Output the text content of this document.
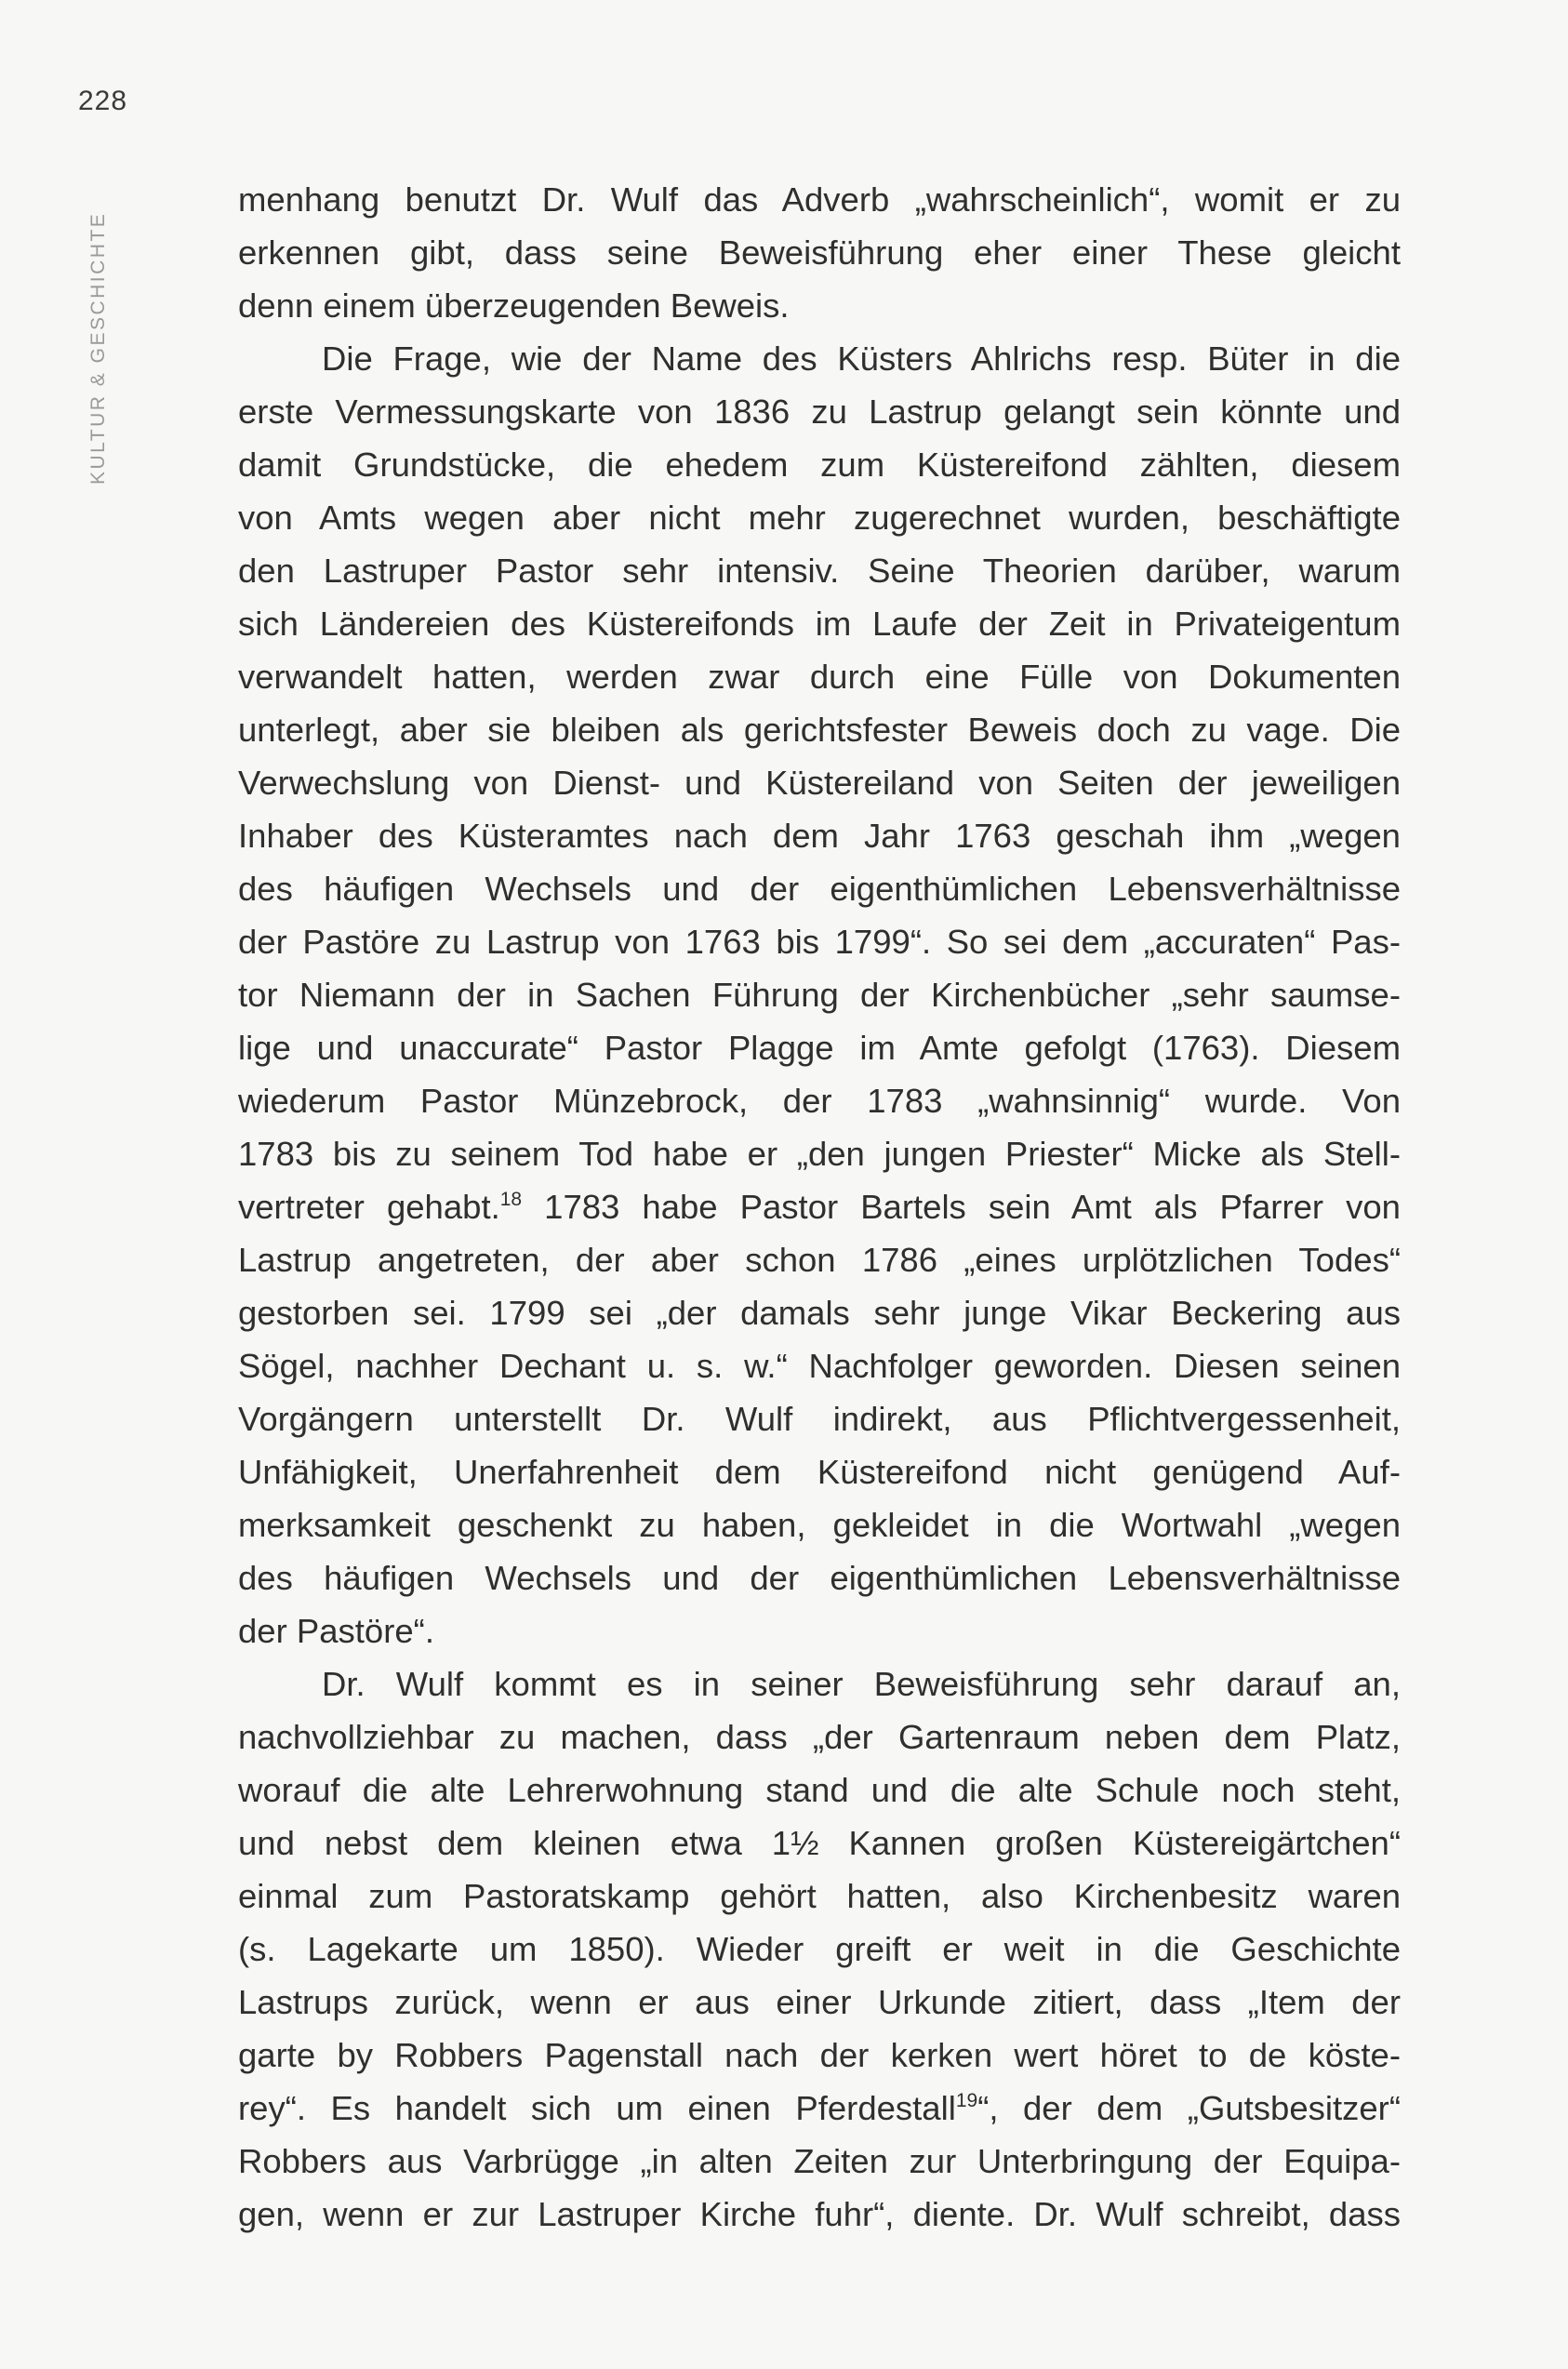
228
KULTUR & GESCHICHTE
menhang benutzt Dr. Wulf das Adverb „wahrscheinlich“, womit er zu
erkennen gibt, dass seine Beweisführung eher einer These gleicht
denn einem überzeugenden Beweis.
Die Frage, wie der Name des Küsters Ahlrichs resp. Büter in die
erste Vermessungskarte von 1836 zu Lastrup gelangt sein könnte und
damit Grundstücke, die ehedem zum Küstereifond zählten, diesem
von Amts wegen aber nicht mehr zugerechnet wurden, beschäftigte
den Lastruper Pastor sehr intensiv. Seine Theorien darüber, warum
sich Ländereien des Küstereifonds im Laufe der Zeit in Privateigentum
verwandelt hatten, werden zwar durch eine Fülle von Dokumenten
unterlegt, aber sie bleiben als gerichtsfester Beweis doch zu vage. Die
Verwechslung von Dienst- und Küstereiland von Seiten der jeweiligen
Inhaber des Küsteramtes nach dem Jahr 1763 geschah ihm „wegen
des häufigen Wechsels und der eigenthümlichen Lebensverhältnisse
der Pastöre zu Lastrup von 1763 bis 1799“. So sei dem „accuraten“ Pas-
tor Niemann der in Sachen Führung der Kirchenbücher „sehr saumse-
lige und unaccurate“ Pastor Plagge im Amte gefolgt (1763). Diesem
wiederum Pastor Münzebrock, der 1783 „wahnsinnig“ wurde. Von
1783 bis zu seinem Tod habe er „den jungen Priester“ Micke als Stell-
vertreter gehabt.$^{18}$ 1783 habe Pastor Bartels sein Amt als Pfarrer von
Lastrup angetreten, der aber schon 1786 „eines urplötzlichen Todes“
gestorben sei. 1799 sei „der damals sehr junge Vikar Beckering aus
Sögel, nachher Dechant u. s. w.“ Nachfolger geworden. Diesen seinen
Vorgängern unterstellt Dr. Wulf indirekt, aus Pflichtvergessenheit,
Unfähigkeit, Unerfahrenheit dem Küstereifond nicht genügend Auf-
merksamkeit geschenkt zu haben, gekleidet in die Wortwahl „wegen
des häufigen Wechsels und der eigenthümlichen Lebensverhältnisse
der Pastöre“.
Dr. Wulf kommt es in seiner Beweisführung sehr darauf an,
nachvollziehbar zu machen, dass „der Gartenraum neben dem Platz,
worauf die alte Lehrerwohnung stand und die alte Schule noch steht,
und nebst dem kleinen etwa 1½ Kannen großen Küstereigärtchen“
einmal zum Pastoratskamp gehört hatten, also Kirchenbesitz waren
(s. Lagekarte um 1850). Wieder greift er weit in die Geschichte
Lastrups zurück, wenn er aus einer Urkunde zitiert, dass „Item der
garte by Robbers Pagenstall nach der kerken wert höret to de köste-
rey“. Es handelt sich um einen Pferdestall$^{19}$“, der dem „Gutsbesitzer“
Robbers aus Varbrügge „in alten Zeiten zur Unterbringung der Equipa-
gen, wenn er zur Lastruper Kirche fuhr“, diente. Dr. Wulf schreibt, dass
